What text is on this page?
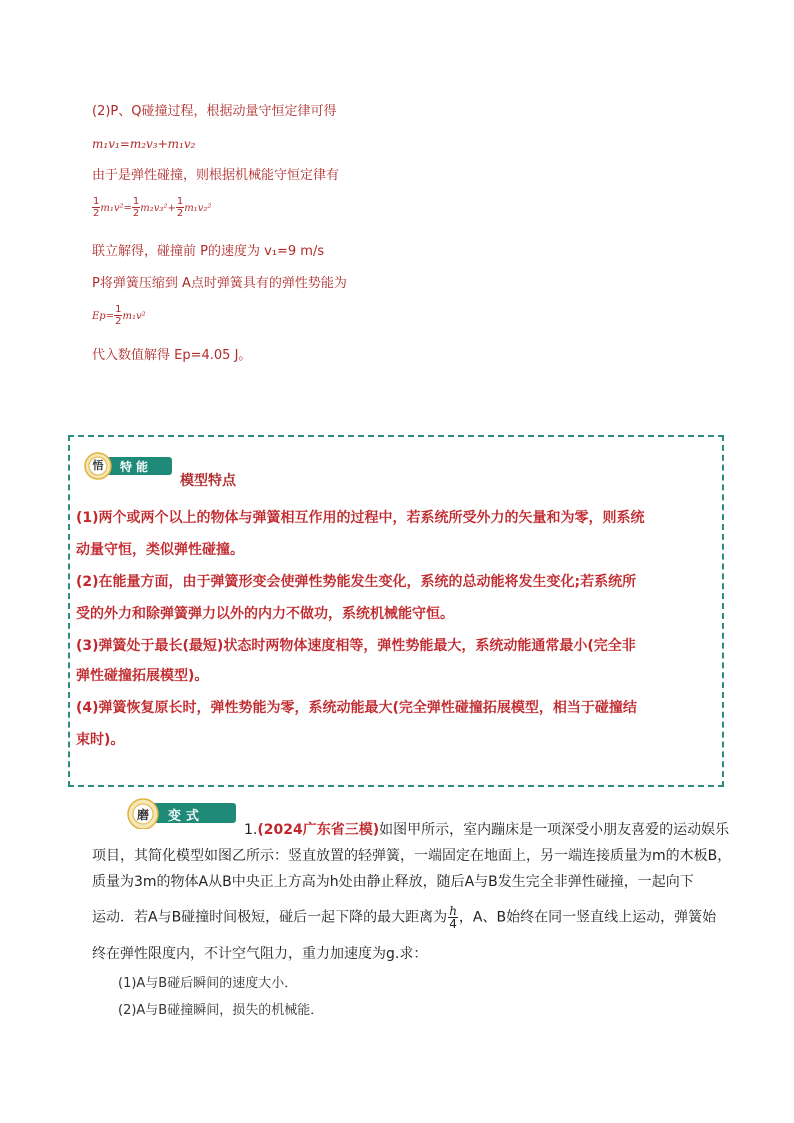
(2)P、Q碰撞过程，根据动量守恒定律可得
m₁v₁=m₂v₃+m₁v₂
由于是弹性碰撞，则根据机械能守恒定律有
$\frac{1}{2} m_1v^2= \frac{1}{2} m_2v_3^2+ \frac{1}{2} m_1v_2^2$
联立解得，碰撞前 P的速度为 v₁=9 m/s
P将弹簧压缩到 A点时弹簧具有的弹性势能为
$Ep= \frac{1}{2} m_1v^2$
代入数值解得 Ep=4.05 J。
悟 特能
模型特点
(1)两个或两个以上的物体与弹簧相互作用的过程中，若系统所受外力的矢量和为零，则系统
动量守恒，类似弹性碰撞。
(2)在能量方面，由于弹簧形变会使弹性势能发生变化，系统的总动能将发生变化;若系统所
受的外力和除弹簧弹力以外的内力不做功，系统机械能守恒。
(3)弹簧处于最长(最短)状态时两物体速度相等，弹性势能最大，系统动能通常最小(完全非
弹性碰撞拓展模型)。
(4)弹簧恢复原长时，弹性势能为零，系统动能最大(完全弹性碰撞拓展模型，相当于碰撞结
束时)。
磨 变式
1.(2024广东省三模)如图甲所示，室内蹦床是一项深受小朋友喜爱的运动娱乐
项目，其简化模型如图乙所示：竖直放置的轻弹簧，一端固定在地面上，另一端连接质量为m的木板B，
质量为3m的物体A从B中央正上方高为h处由静止释放，随后A与B发生完全非弹性碰撞，一起向下
运动．若A与B碰撞时间极短，碰后一起下降的最大距离为 $\frac{h}{4}$ ，A、B始终在同一竖直线上运动，弹簧始
终在弹性限度内，不计空气阻力，重力加速度为g.求：
(1)A与B碰后瞬间的速度大小．
(2)A与B碰撞瞬间，损失的机械能．
